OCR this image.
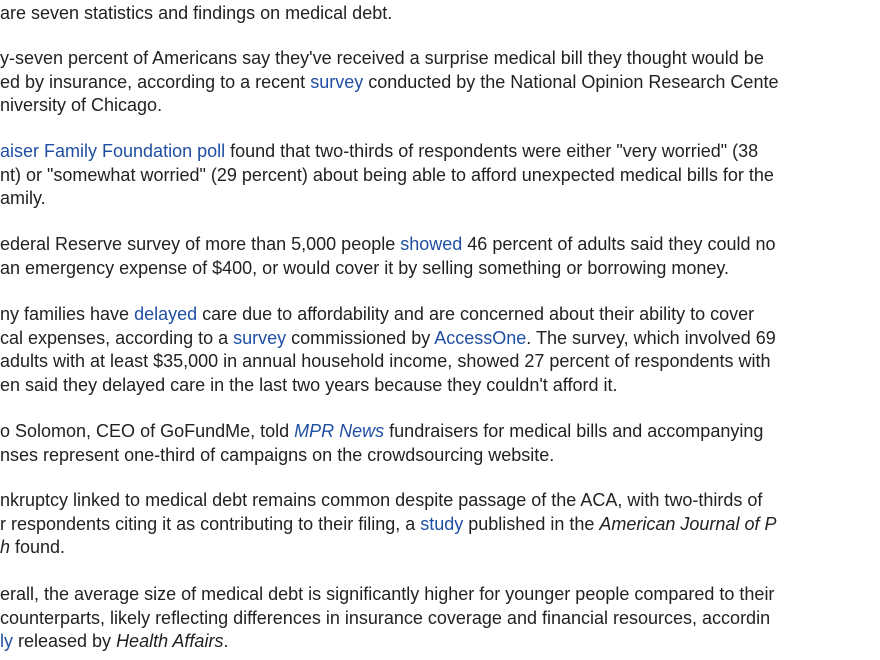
are seven statistics and findings on medical debt.
y-seven percent of Americans say they've received a surprise medical bill they thought would be
ed by insurance, according to a recent survey conducted by the National Opinion Research Cente
niversity of Chicago.
aiser Family Foundation poll found that two-thirds of respondents were either "very worried" (38
nt) or "somewhat worried" (29 percent) about being able to afford unexpected medical bills for the
amily.
ederal Reserve survey of more than 5,000 people showed 46 percent of adults said they could no
an emergency expense of $400, or would cover it by selling something or borrowing money.
ny families have delayed care due to affordability and are concerned about their ability to cover
cal expenses, according to a survey commissioned by AccessOne. The survey, which involved 69
adults with at least $35,000 in annual household income, showed 27 percent of respondents with
en said they delayed care in the last two years because they couldn't afford it.
o Solomon, CEO of GoFundMe, told MPR News fundraisers for medical bills and accompanying
nses represent one-third of campaigns on the crowdsourcing website.
nkruptcy linked to medical debt remains common despite passage of the ACA, with two-thirds of
r respondents citing it as contributing to their filing, a study published in the American Journal of P
h found.
erall, the average size of medical debt is significantly higher for younger people compared to their
counterparts, likely reflecting differences in insurance coverage and financial resources, accordin
ly released by Health Affairs.
